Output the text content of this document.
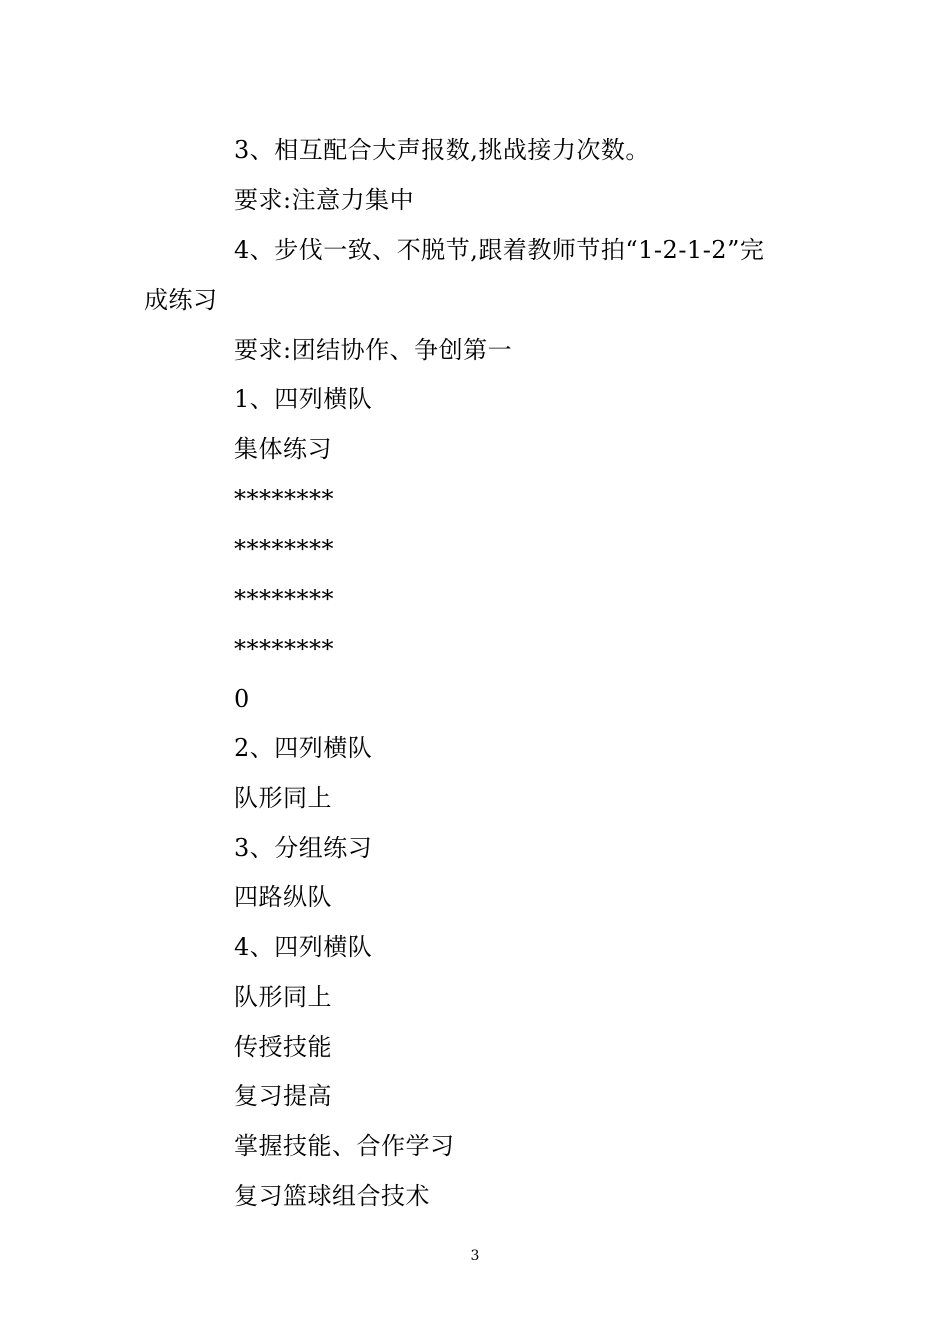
3、相互配合大声报数,挑战接力次数。
要求:注意力集中
4、步伐一致、不脱节,跟着教师节拍“1-2-1-2”完
成练习
要求:团结协作、争创第一
1、四列横队
集体练习
********
********
********
********
0
2、四列横队
队形同上
3、分组练习
四路纵队
4、四列横队
队形同上
传授技能
复习提高
掌握技能、合作学习
复习篮球组合技术
3
